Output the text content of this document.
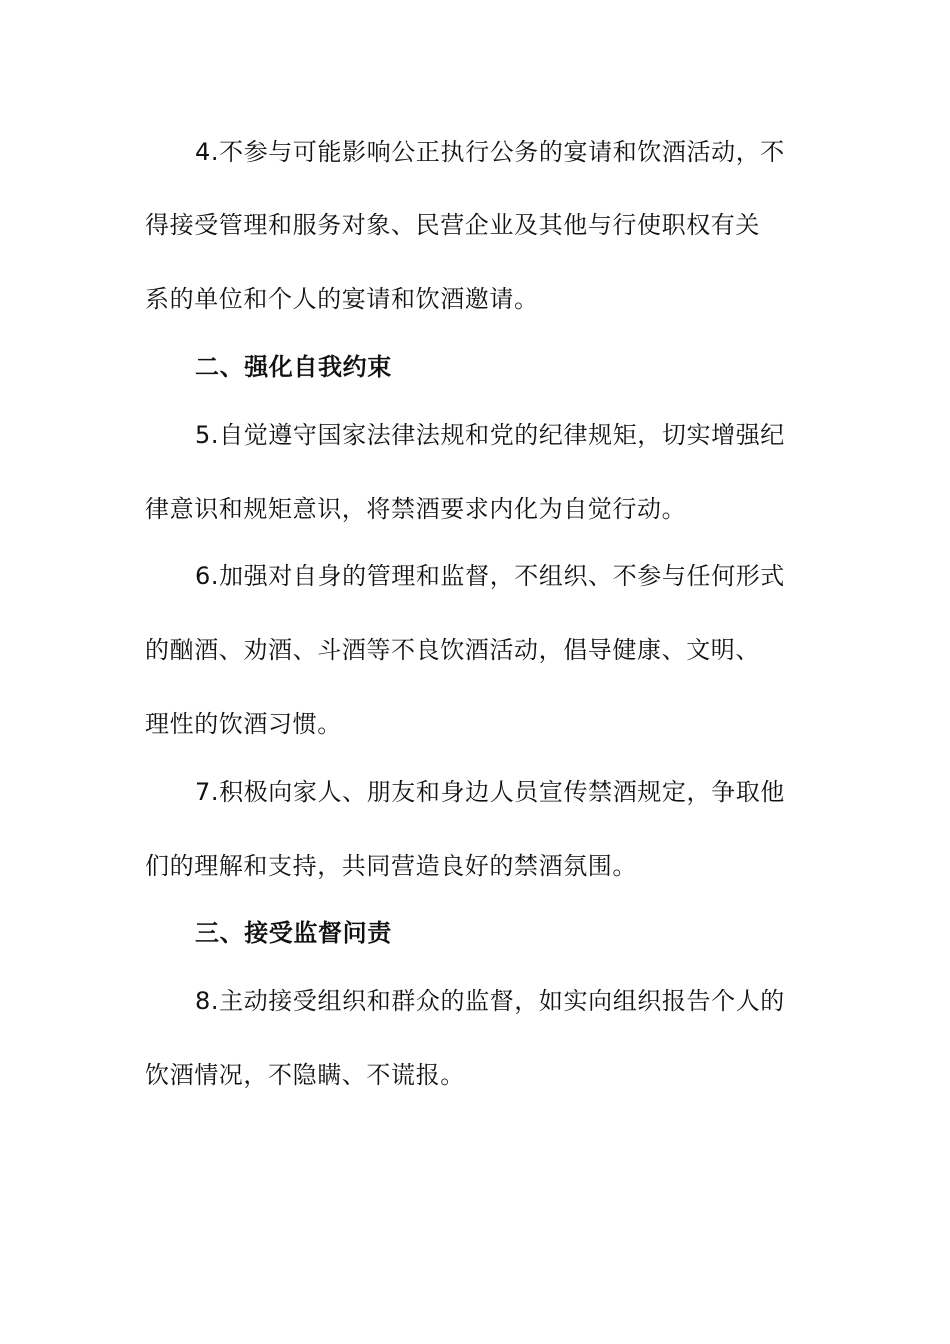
4.不参与可能影响公正执行公务的宴请和饮酒活动，不
得接受管理和服务对象、民营企业及其他与行使职权有关
系的单位和个人的宴请和饮酒邀请。
二、强化自我约束
5.自觉遵守国家法律法规和党的纪律规矩，切实增强纪
律意识和规矩意识，将禁酒要求内化为自觉行动。
6.加强对自身的管理和监督，不组织、不参与任何形式
的酗酒、劝酒、斗酒等不良饮酒活动，倡导健康、文明、
理性的饮酒习惯。
7.积极向家人、朋友和身边人员宣传禁酒规定，争取他
们的理解和支持，共同营造良好的禁酒氛围。
三、接受监督问责
8.主动接受组织和群众的监督，如实向组织报告个人的
饮酒情况，不隐瞒、不谎报。
